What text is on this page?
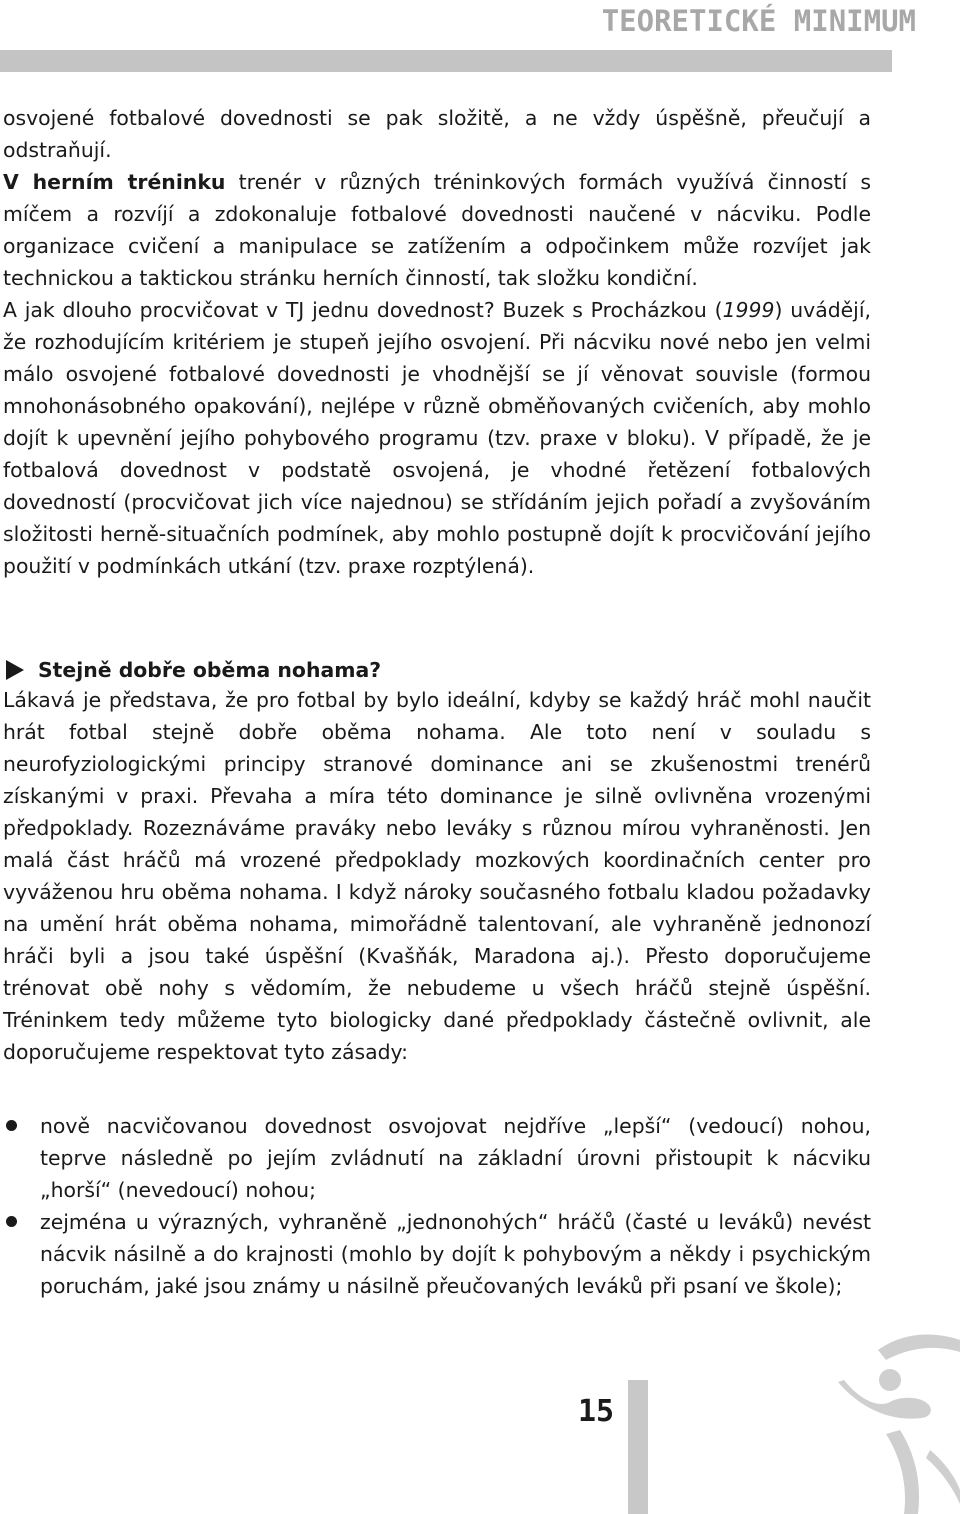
TEORETICKÉ MINIMUM

osvojené fotbalové dovednosti se pak složitě, a ne vždy úspěšně, přeučují a odstraňují.

V herním tréninku trenér v různých tréninkových formách využívá činností s míčem a rozvíjí a zdokonaluje fotbalové dovednosti naučené v nácviku. Podle organizace cvičení a manipulace se zatížením a odpočinkem může rozvíjet jak technickou a taktickou stránku herních činností, tak složku kondiční.

A jak dlouho procvičovat v TJ jednu dovednost? Buzek s Procházkou (1999) uvádějí, že rozhodujícím kritériem je stupeň jejího osvojení. Při nácviku nové nebo jen velmi málo osvojené fotbalové dovednosti je vhodnější se jí věnovat souvisle (formou mnohonásobného opakování), nejlépe v různě obměňovaných cvičeních, aby mohlo dojít k upevnění jejího pohybového programu (tzv. praxe v bloku). V případě, že je fotbalová dovednost v podstatě osvojená, je vhodné řetězení fotbalových dovedností (procvičovat jich více najednou) se střídáním jejich pořadí a zvyšováním složitosti herně-situačních podmínek, aby mohlo postupně dojít k procvičování jejího použití v podmínkách utkání (tzv. praxe rozptýlená).

Stejně dobře oběma nohama?

Lákavá je představa, že pro fotbal by bylo ideální, kdyby se každý hráč mohl naučit hrát fotbal stejně dobře oběma nohama. Ale toto není v souladu s neurofyziologickými principy stranové dominance ani se zkušenostmi trenérů získanými v praxi. Převaha a míra této dominance je silně ovlivněna vrozenými předpoklady. Rozeznáváme praváky nebo leváky s různou mírou vyhraněnosti. Jen malá část hráčů má vrozené předpoklady mozkových koordinačních center pro vyváženou hru oběma nohama. I když nároky současného fotbalu kladou požadavky na umění hrát oběma nohama, mimořádně talentovaní, ale vyhraněně jednonozí hráči byli a jsou také úspěšní (Kvašňák, Maradona aj.). Přesto doporučujeme trénovat obě nohy s vědomím, že nebudeme u všech hráčů stejně úspěšní. Tréninkem tedy můžeme tyto biologicky dané předpoklady částečně ovlivnit, ale doporučujeme respektovat tyto zásady:

nově nacvičovanou dovednost osvojovat nejdříve „lepší“ (vedoucí) nohou, teprve následně po jejím zvládnutí na základní úrovni přistoupit k nácviku „horší“ (nevedoucí) nohou;
zejména u výrazných, vyhraněně „jednonohých“ hráčů (časté u leváků) nevést nácvik násilně a do krajnosti (mohlo by dojít k pohybovým a někdy i psychickým poruchám, jaké jsou známy u násilně přeučovaných leváků při psaní ve škole);
15
